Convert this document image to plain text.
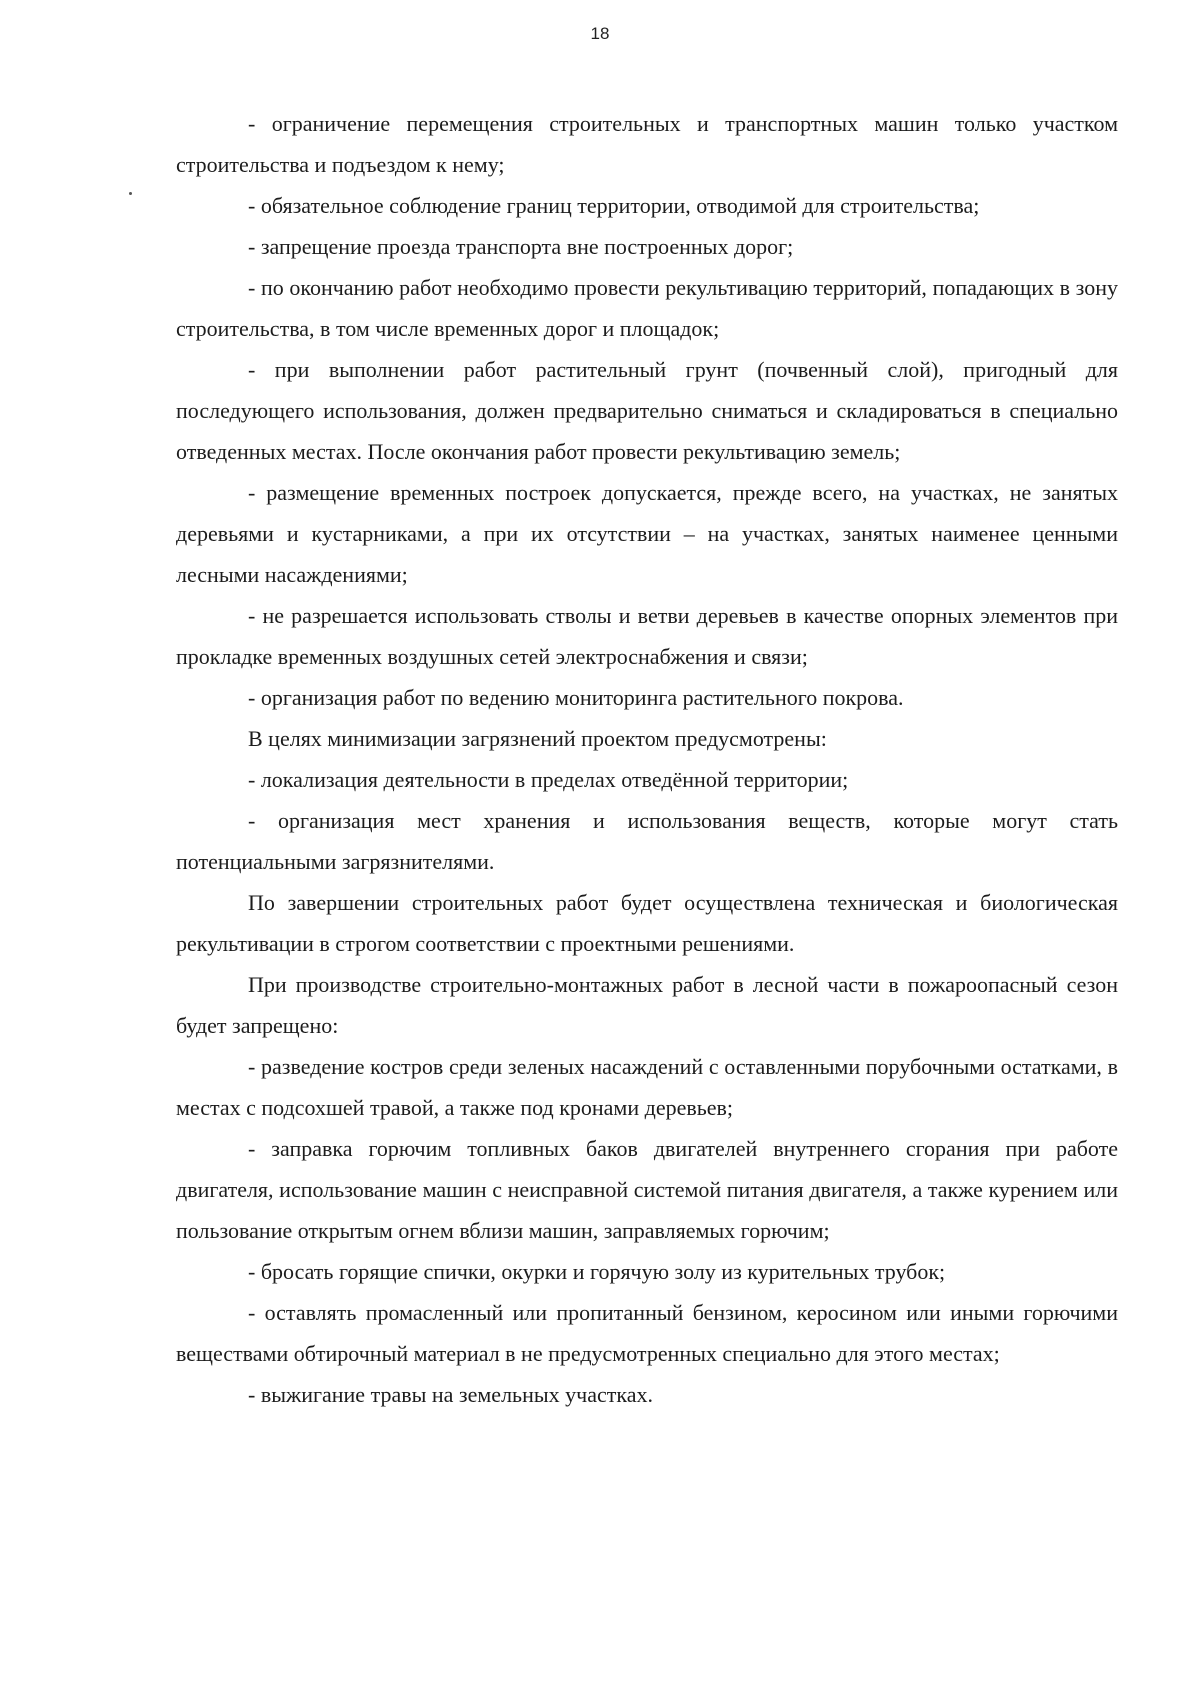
18

- ограничение перемещения строительных и транспортных машин только участком строительства и подъездом к нему;

- обязательное соблюдение границ территории, отводимой для строительства;

- запрещение проезда транспорта вне построенных дорог;

- по окончанию работ необходимо провести рекультивацию территорий, попадающих в зону строительства, в том числе временных дорог и площадок;

- при выполнении работ растительный грунт (почвенный слой), пригодный для последующего использования, должен предварительно сниматься и складироваться в специально отведенных местах. После окончания работ провести рекультивацию земель;

- размещение временных построек допускается, прежде всего, на участках, не занятых деревьями и кустарниками, а при их отсутствии – на участках, занятых наименее ценными лесными насаждениями;

- не разрешается использовать стволы и ветви деревьев в качестве опорных элементов при прокладке временных воздушных сетей электроснабжения и связи;

- организация работ по ведению мониторинга растительного покрова.

В целях минимизации загрязнений проектом предусмотрены:

- локализация деятельности в пределах отведённой территории;

- организация мест хранения и использования веществ, которые могут стать потенциальными загрязнителями.

По завершении строительных работ будет осуществлена техническая и биологическая рекультивации в строгом соответствии с проектными решениями.

При производстве строительно-монтажных работ в лесной части в пожароопасный сезон будет запрещено:

- разведение костров среди зеленых насаждений с оставленными порубочными остатками, в местах с подсохшей травой, а также под кронами деревьев;

- заправка горючим топливных баков двигателей внутреннего сгорания при работе двигателя, использование машин с неисправной системой питания двигателя, а также курением или пользование открытым огнем вблизи машин, заправляемых горючим;

- бросать горящие спички, окурки и горячую золу из курительных трубок;

- оставлять промасленный или пропитанный бензином, керосином или иными горючими веществами обтирочный материал в не предусмотренных специально для этого местах;

- выжигание травы на земельных участках.
